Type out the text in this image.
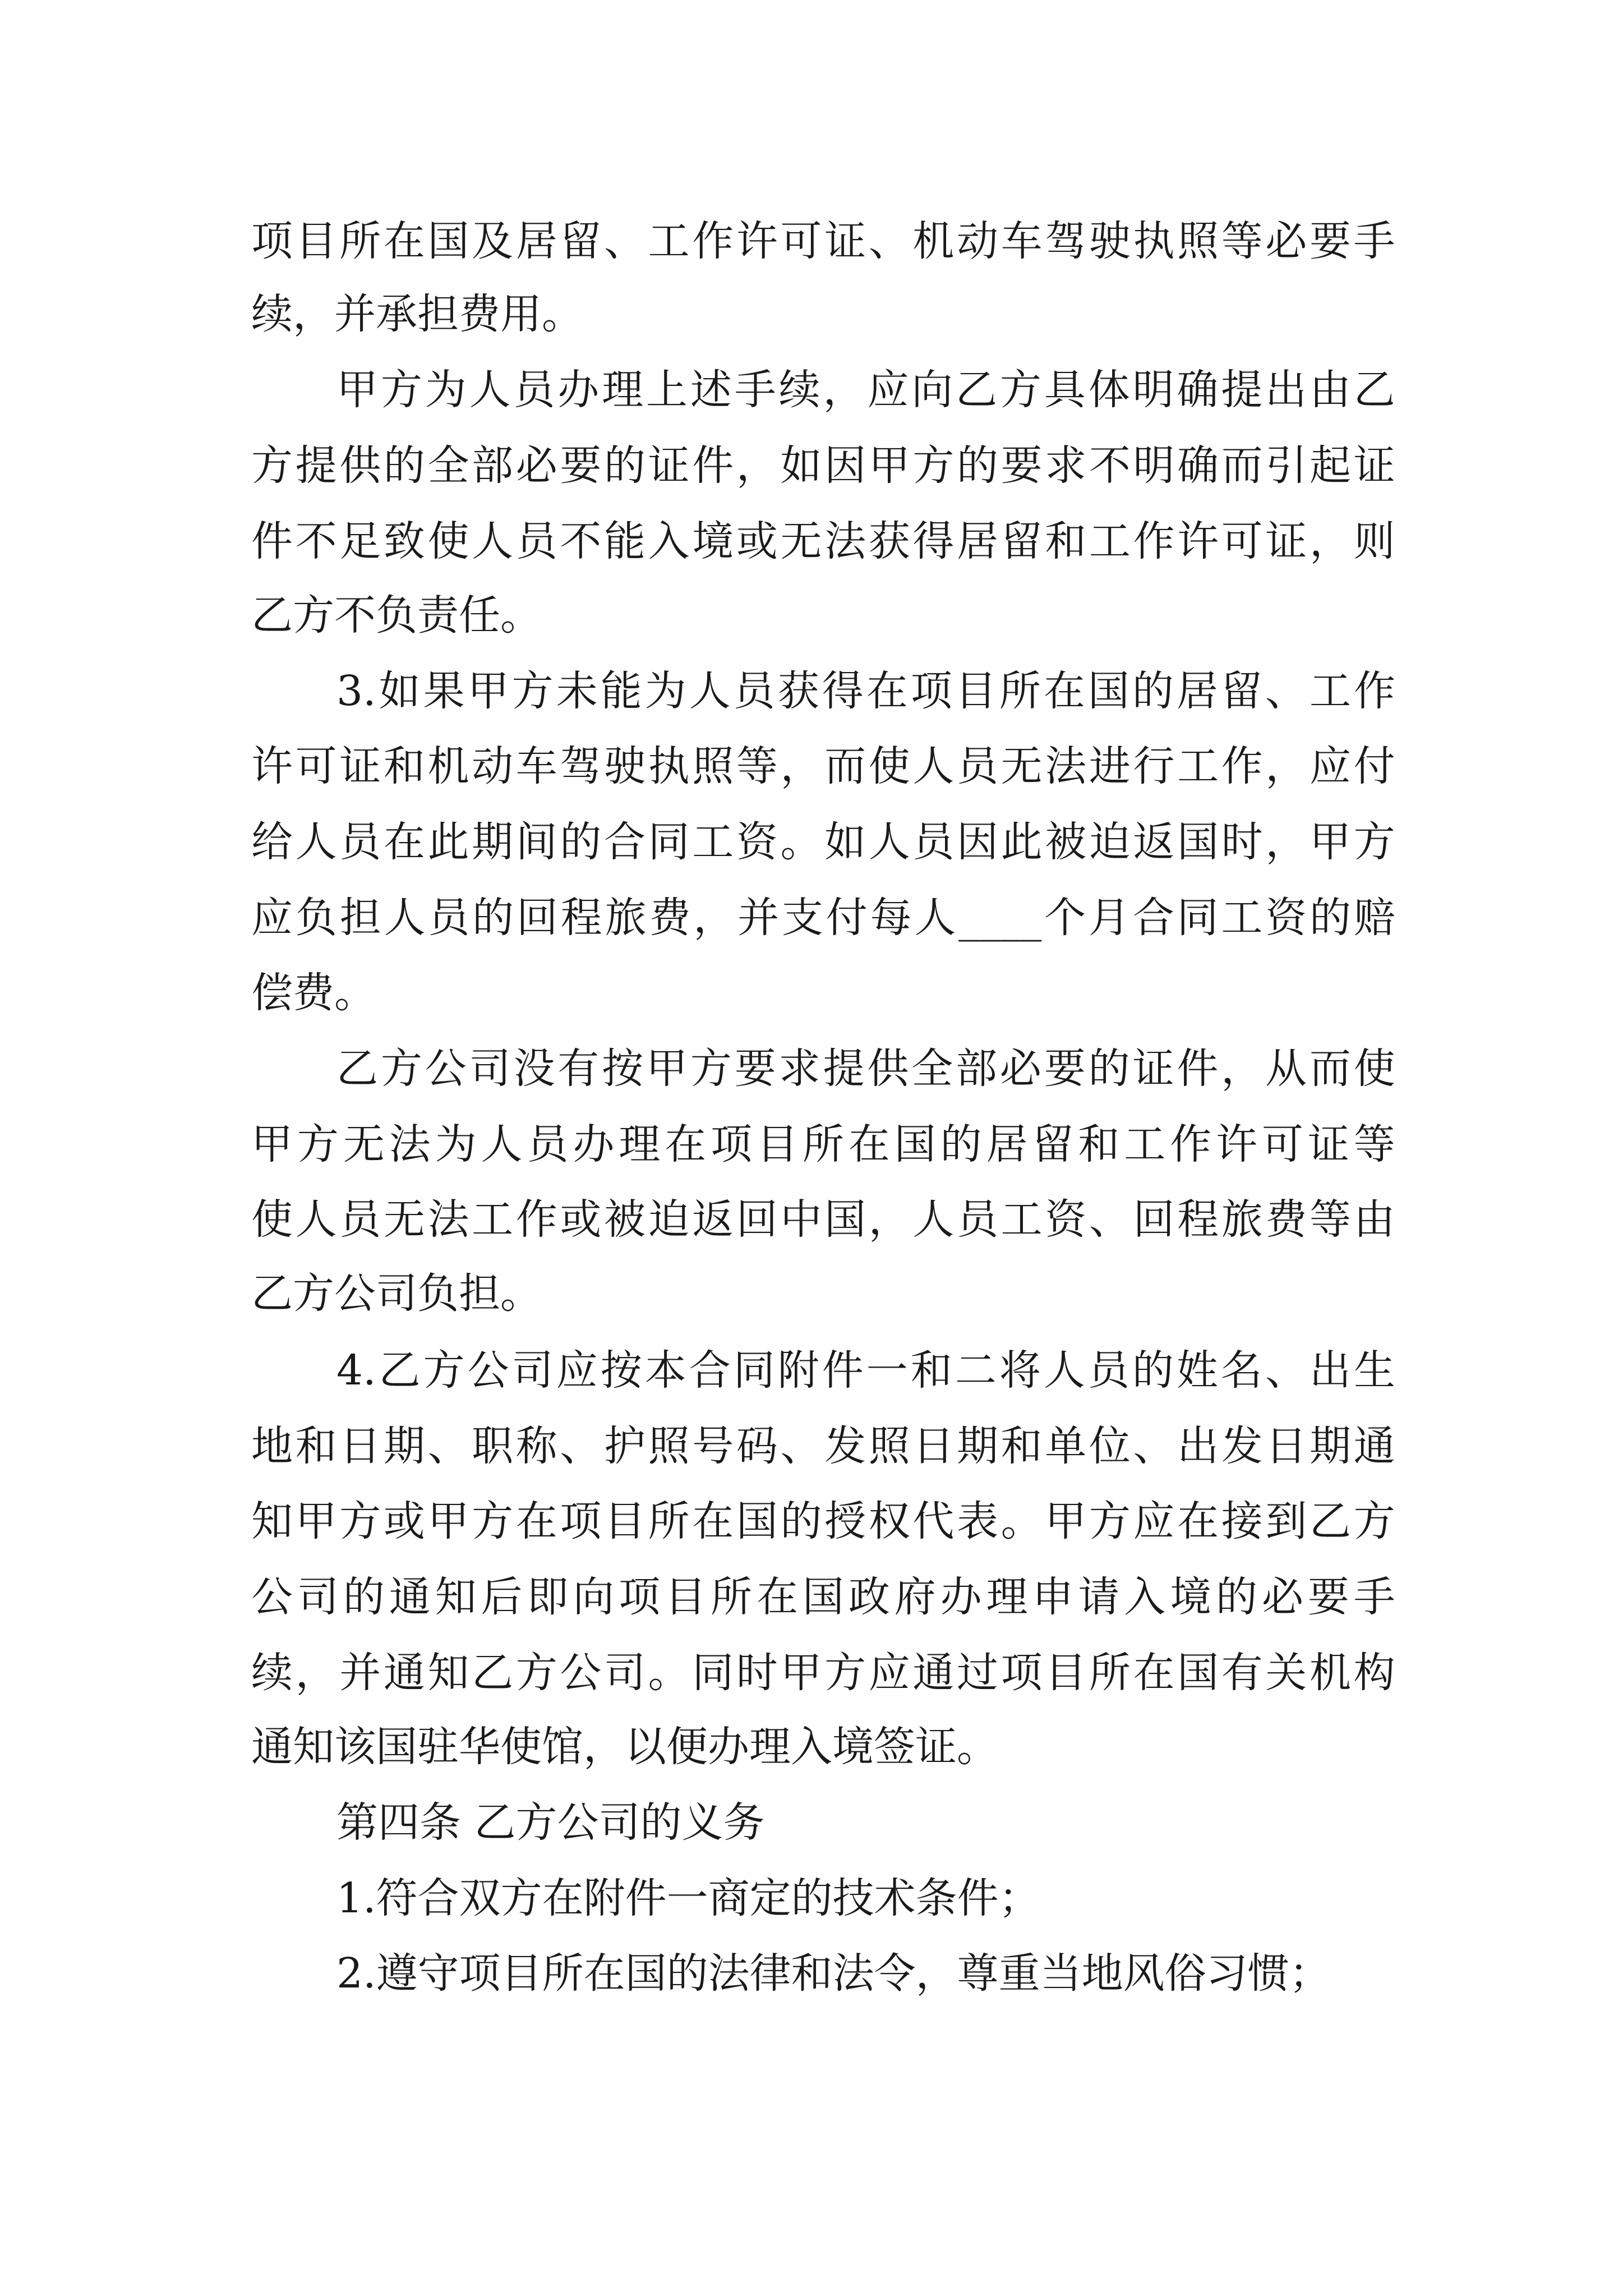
项 目 所 在 国 及 居 留 、 工 作 许 可 证 、 机 动 车 驾 驶 执 照 等 必 要 手
续，并承担费用。
甲 方 为 人 员 办 理 上 述 手 续 ， 应 向 乙 方 具 体 明 确 提 出 由 乙
方 提 供 的 全 部 必 要 的 证 件 ， 如 因 甲 方 的 要 求 不 明 确 而 引 起 证
件 不 足 致 使 人 员 不 能 入 境 或 无 法 获 得 居 留 和 工 作 许 可 证 ， 则
乙方不负责任。
3. 如 果 甲 方 未 能 为 人 员 获 得 在 项 目 所 在 国 的 居 留 、 工 作
许 可 证 和 机 动 车 驾 驶 执 照 等 ， 而 使 人 员 无 法 进 行 工 作 ， 应 付
给 人 员 在 此 期 间 的 合 同 工 资 。 如 人 员 因 此 被 迫 返 国 时 ， 甲 方
应 负 担 人 员 的 回 程 旅 费 ， 并 支 付 每 人 ____ 个 月 合 同 工 资 的 赔
偿费。
乙 方 公 司 没 有 按 甲 方 要 求 提 供 全 部 必 要 的 证 件 ， 从 而 使
甲 方 无 法 为 人 员 办 理 在 项 目 所 在 国 的 居 留 和 工 作 许 可 证 等
使 人 员 无 法 工 作 或 被 迫 返 回 中 国 ， 人 员 工 资 、 回 程 旅 费 等 由
乙方公司负担。
4. 乙 方 公 司 应 按 本 合 同 附 件 一 和 二 将 人 员 的 姓 名 、 出 生
地 和 日 期 、 职 称 、 护 照 号 码 、 发 照 日 期 和 单 位 、 出 发 日 期 通
知 甲 方 或 甲 方 在 项 目 所 在 国 的 授 权 代 表 。 甲 方 应 在 接 到 乙 方
公 司 的 通 知 后 即 向 项 目 所 在 国 政 府 办 理 申 请 入 境 的 必 要 手
续 ， 并 通 知 乙 方 公 司 。 同 时 甲 方 应 通 过 项 目 所 在 国 有 关 机 构
通知该国驻华使馆，以便办理入境签证。
第四条 乙方公司的义务
1.符合双方在附件一商定的技术条件；
2.遵守项目所在国的法律和法令，尊重当地风俗习惯；
